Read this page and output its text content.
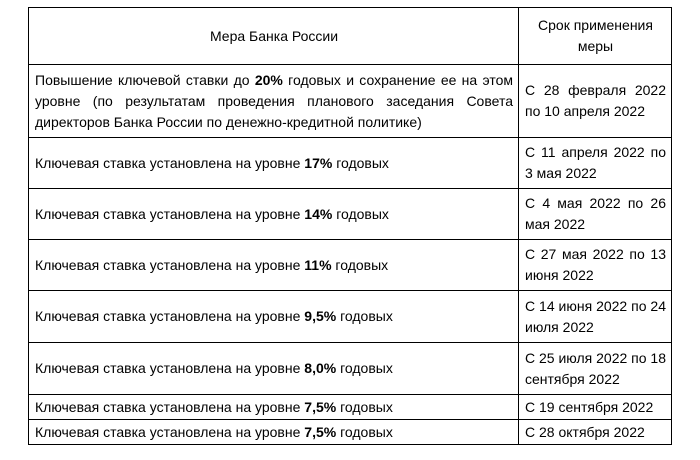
Мера Банка России	Срок применения меры
Повышение ключевой ставки до 20% годовых и сохранение ее на этом уровне (по результатам проведения планового заседания Совета директоров Банка России по денежно-кредитной политике)	С 28 февраля 2022 по 10 апреля 2022
Ключевая ставка установлена на уровне 17% годовых	С 11 апреля 2022 по 3 мая 2022
Ключевая ставка установлена на уровне 14% годовых	С 4 мая 2022 по 26 мая 2022
Ключевая ставка установлена на уровне 11% годовых	С 27 мая 2022 по 13 июня 2022
Ключевая ставка установлена на уровне 9,5% годовых	С 14 июня 2022 по 24 июля 2022
Ключевая ставка установлена на уровне 8,0% годовых	С 25 июля 2022 по 18 сентября 2022
Ключевая ставка установлена на уровне 7,5% годовых	С 19 сентября 2022
Ключевая ставка установлена на уровне 7,5% годовых	С 28 октября 2022
